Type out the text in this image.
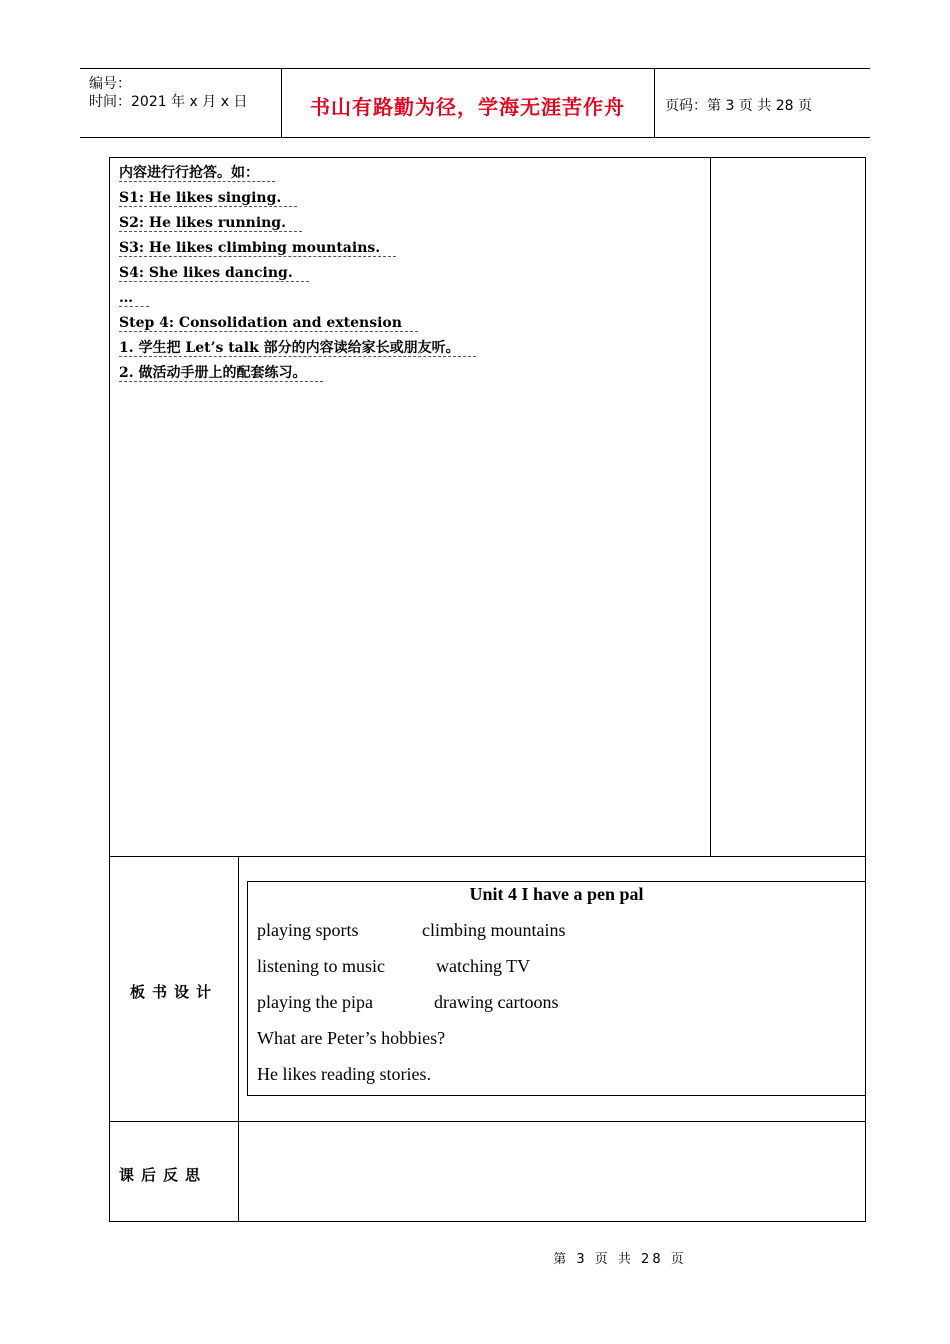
编号：
时间：2021 年 x 月 x 日	书山有路勤为径，学海无涯苦作舟	页码：第 3 页 共 28 页
内容进行行抢答。如：
S1: He likes singing.
S2: He likes running.
S3: He likes climbing mountains.
S4: She likes dancing.
…
Step 4: Consolidation and extension
1. 学生把 Let’s talk 部分的内容读给家长或朋友听。
2. 做活动手册上的配套练习。
板书设计
Unit 4 I have a pen pal
playing sports	climbing mountains
listening to music	watching TV
playing the pipa	drawing cartoons
What are Peter’s hobbies?
He likes reading stories.
课后反思
第 3 页 共 28 页
